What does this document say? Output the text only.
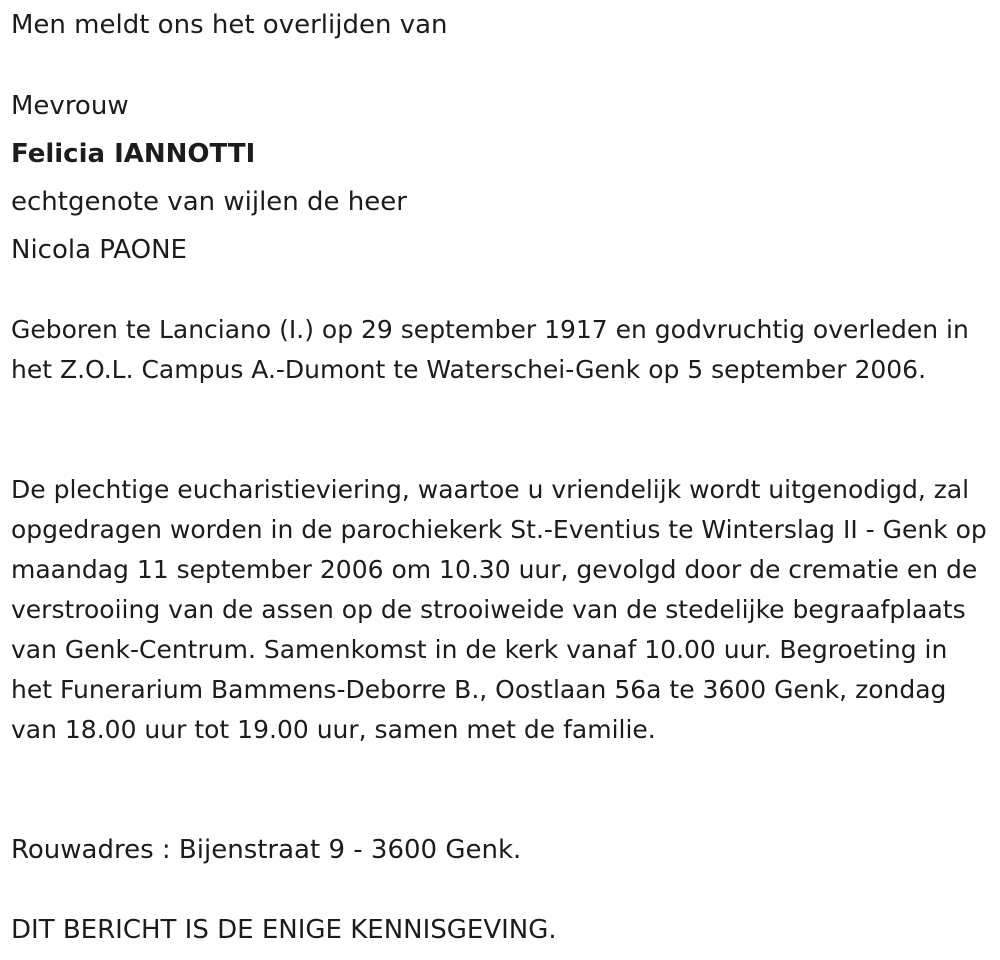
Men meldt ons het overlijden van

Mevrouw

Felicia IANNOTTI

echtgenote van wijlen de heer

Nicola PAONE

Geboren te Lanciano (I.) op 29 september 1917 en godvruchtig overleden in het Z.O.L. Campus A.-Dumont te Waterschei-Genk op 5 september 2006.

De plechtige eucharistieviering, waartoe u vriendelijk wordt uitgenodigd, zal opgedragen worden in de parochiekerk St.-Eventius te Winterslag II - Genk op maandag 11 september 2006 om 10.30 uur, gevolgd door de crematie en de verstrooiing van de assen op de strooiweide van de stedelijke begraafplaats van Genk-Centrum. Samenkomst in de kerk vanaf 10.00 uur. Begroeting in het Funerarium Bammens-Deborre B., Oostlaan 56a te 3600 Genk, zondag van 18.00 uur tot 19.00 uur, samen met de familie.

Rouwadres : Bijenstraat 9 - 3600 Genk.

DIT BERICHT IS DE ENIGE KENNISGEVING.
